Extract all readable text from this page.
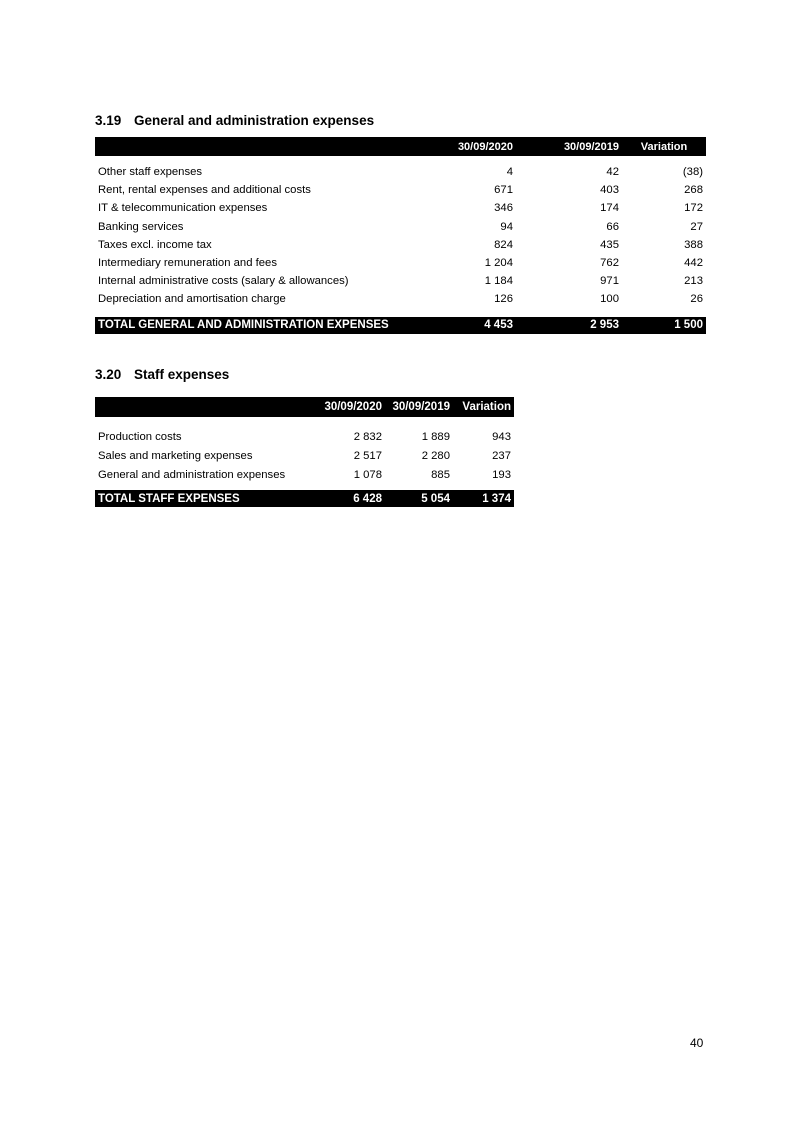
3.19 General and administration expenses
	30/09/2020	30/09/2019	Variation

Other staff expenses	4	42	(38)
Rent, rental expenses and additional costs	671	403	268
IT & telecommunication expenses	346	174	172
Banking services	94	66	27
Taxes excl. income tax	824	435	388
Intermediary remuneration and fees	1 204	762	442
Internal administrative costs (salary & allowances)	1 184	971	213
Depreciation and amortisation charge	126	100	26

TOTAL GENERAL AND ADMINISTRATION EXPENSES	4 453	2 953	1 500
3.20 Staff expenses
	30/09/2020	30/09/2019	Variation

Production costs	2 832	1 889	943
Sales and marketing expenses	2 517	2 280	237
General and administration expenses	1 078	885	193

TOTAL STAFF EXPENSES	6 428	5 054	1 374
40
